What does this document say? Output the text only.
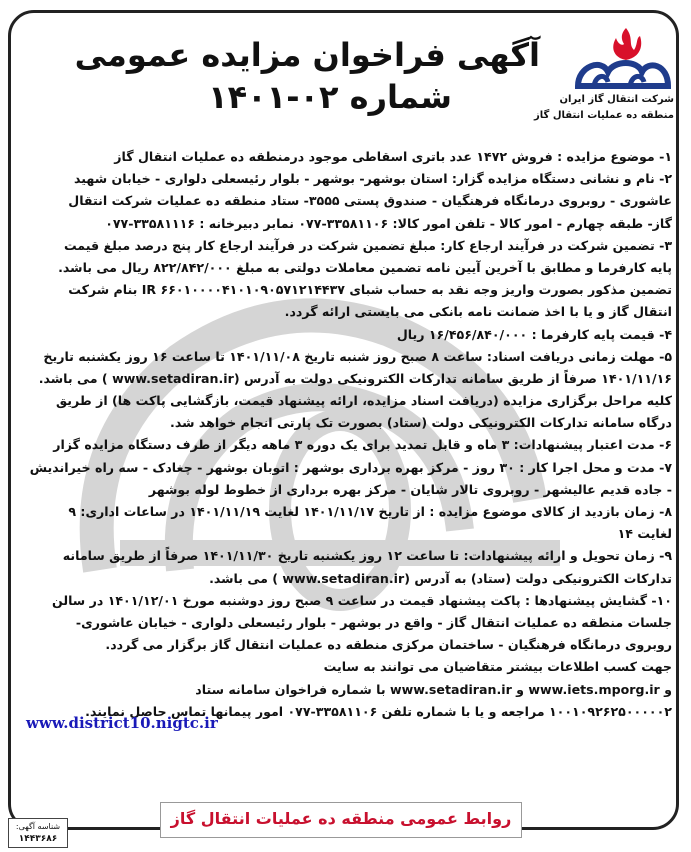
شرکت انتقال گاز ایران
منطقه ده عملیات انتقال گاز
آگهی فراخوان مزایده عمومی
شماره ۰۲-۱۴۰۱
۱- موضوع مزایده : فروش ۱۴۷۲ عدد باتری اسقاطی موجود درمنطقه ده عملیات انتقال گاز
۲- نام و نشانی دستگاه مزایده گزار: استان بوشهر- بوشهر - بلوار رئیسعلی دلواری - خیابان شهید
عاشوری - روبروی درمانگاه فرهنگیان - صندوق پستی ۳۵۵۵- ستاد منطقه ده عملیات شرکت انتقال
گاز- طبقه چهارم - امور کالا - تلفن امور کالا: ۳۳۵۸۱۱۰۶-۰۷۷ نمابر دبیرخانه : ۳۳۵۸۱۱۱۶-۰۷۷
۳- تضمین شرکت در فرآیند ارجاع کار: مبلغ تضمین شرکت در فرآیند ارجاع کار پنج درصد مبلغ قیمت
پایه کارفرما و مطابق با آخرین آیین نامه تضمین معاملات دولتی به مبلغ ۸۲۲/۸۴۲/۰۰۰ ریال می باشد.
تضمین مذکور بصورت واریز وجه نقد به حساب شبای IR ۶۶۰۱۰۰۰۰۴۱۰۱۰۹۰۵۷۱۲۱۴۴۳۷ بنام شرکت
انتقال گاز و یا با اخذ ضمانت نامه بانکی می بایستی ارائه گردد.
۴- قیمت پایه کارفرما : ۱۶/۴۵۶/۸۴۰/۰۰۰ ریال
۵- مهلت زمانی دریافت اسناد: ساعت ۸ صبح روز شنبه تاریخ ۱۴۰۱/۱۱/۰۸ تا ساعت ۱۶ روز یکشنبه تاریخ
۱۴۰۱/۱۱/۱۶ صرفاً از طریق سامانه تدارکات الکترونیکی دولت به آدرس (www.setadiran.ir ) می باشد.
کلیه مراحل برگزاری مزایده (دریافت اسناد مزایده، ارائه پیشنهاد قیمت، بازگشایی پاکت ها) از طریق
درگاه سامانه تدارکات الکترونیکی دولت (ستاد) بصورت تک پارتی انجام خواهد شد.
۶- مدت اعتبار پیشنهادات: ۳ ماه و قابل تمدید برای یک دوره ۳ ماهه دیگر از طرف دستگاه مزایده گزار
۷- مدت و محل اجرا کار : ۳۰ روز - مرکز بهره برداری بوشهر : اتوبان بوشهر - چغادک - سه راه خیرانديش
- جاده قدیم عالیشهر - روبروی تالار شایان - مرکز بهره برداری از خطوط لوله بوشهر
۸- زمان بازدید از کالای موضوع مزایده : از تاریخ ۱۴۰۱/۱۱/۱۷ لغایت ۱۴۰۱/۱۱/۱۹ در ساعات اداری: ۹
لغایت ۱۴
۹- زمان تحویل و ارائه پیشنهادات: تا ساعت ۱۲ روز یکشنبه تاریخ ۱۴۰۱/۱۱/۳۰ صرفاً از طریق سامانه
تدارکات الکترونیکی دولت (ستاد) به آدرس (www.setadiran.ir ) می باشد.
۱۰- گشایش پیشنهادها : پاکت پیشنهاد قیمت در ساعت ۹ صبح روز دوشنبه مورخ ۱۴۰۱/۱۲/۰۱ در سالن
جلسات منطقه ده عملیات انتقال گاز - واقع در بوشهر - بلوار رئیسعلی دلواری - خیابان عاشوری-
روبروی درمانگاه فرهنگیان - ساختمان مرکزی منطقه ده عملیات انتقال گاز برگزار می گردد.
جهت کسب اطلاعات بیشتر متقاضیان می توانند به سایت
و www.iets.mporg.ir و www.setadiran.ir با شماره فراخوان سامانه ستاد
۱۰۰۱۰۹۲۶۲۵۰۰۰۰۰۲ مراجعه و یا با شماره تلفن ۳۳۵۸۱۱۰۶-۰۷۷ امور پیمانها تماس حاصل نمایند.
www.district10.nigtc.ir
روابط عمومی منطقه ده عملیات انتقال گاز
شناسه آگهی:
۱۴۴۳۶۸۶
